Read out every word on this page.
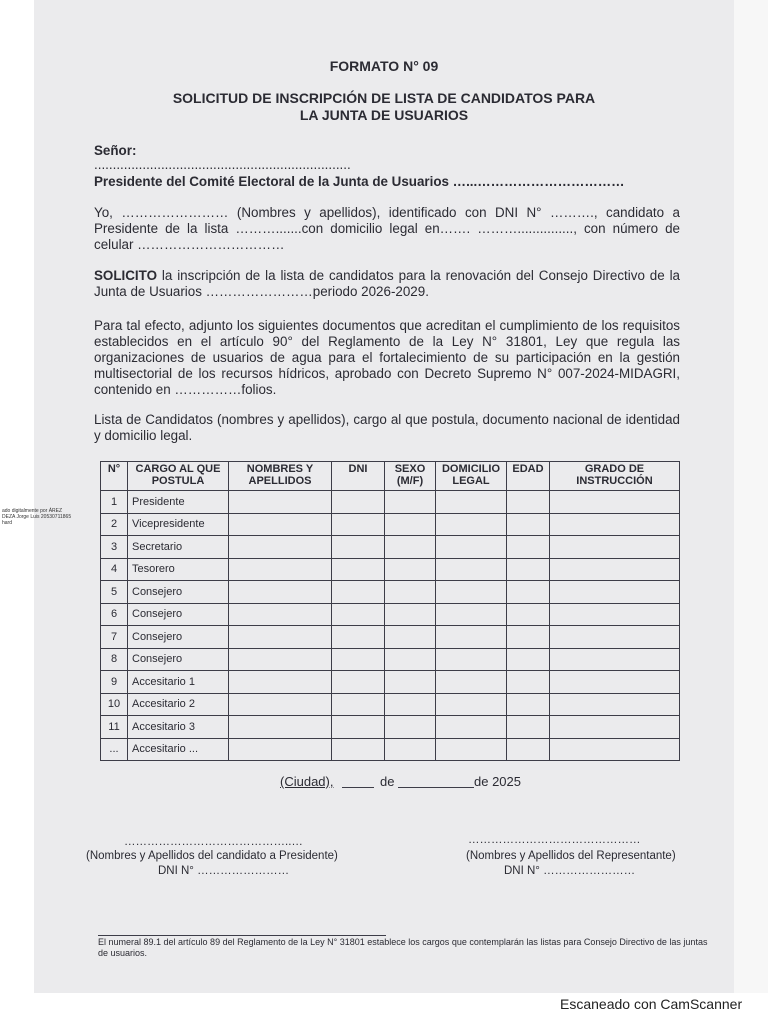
FORMATO N° 09
SOLICITUD DE INSCRIPCIÓN DE LISTA DE CANDIDATOS PARA
LA JUNTA DE USUARIOS
Señor:
.....................................................................
Presidente del Comité Electoral de la Junta de Usuarios …...……………………………
Yo, …………………… (Nombres y apellidos), identificado con DNI N° ………., candidato a Presidente de la lista ……….......con domicilio legal en……. ………..............., con número de celular ……………………………
SOLICITO la inscripción de la lista de candidatos para la renovación del Consejo Directivo de la Junta de Usuarios ……………………periodo 2026-2029.
Para tal efecto, adjunto los siguientes documentos que acreditan el cumplimiento de los requisitos establecidos en el artículo 90° del Reglamento de la Ley N° 31801, Ley que regula las organizaciones de usuarios de agua para el fortalecimiento de su participación en la gestión multisectorial de los recursos hídricos, aprobado con Decreto Supremo N° 007-2024-MIDAGRI, contenido en ……………folios.
Lista de Candidatos (nombres y apellidos), cargo al que postula, documento nacional de identidad y domicilio legal.
N°	CARGO AL QUE POSTULA	NOMBRES Y APELLIDOS	DNI	SEXO (M/F)	DOMICILIO LEGAL	EDAD	GRADO DE INSTRUCCIÓN
1	Presidente						
2	Vicepresidente						
3	Secretario						
4	Tesorero						
5	Consejero						
6	Consejero						
7	Consejero						
8	Consejero						
9	Accesitario 1						
10	Accesitario 2						
11	Accesitario 3						
...	Accesitario ...						
(Ciudad),	de	de 2025
……………………………………..…
(Nombres y Apellidos del candidato a Presidente)
DNI N° ……………………
………………………………………
(Nombres y Apellidos del Representante)
DNI N° ……………………
El numeral 89.1 del artículo 89 del Reglamento de la Ley N° 31801 establece los cargos que contemplarán las listas para Consejo Directivo de las juntas de usuarios.
ado digitalmente por ÁREZ DEZA Jorge Luis 20530711865 hard
Escaneado con CamScanner
